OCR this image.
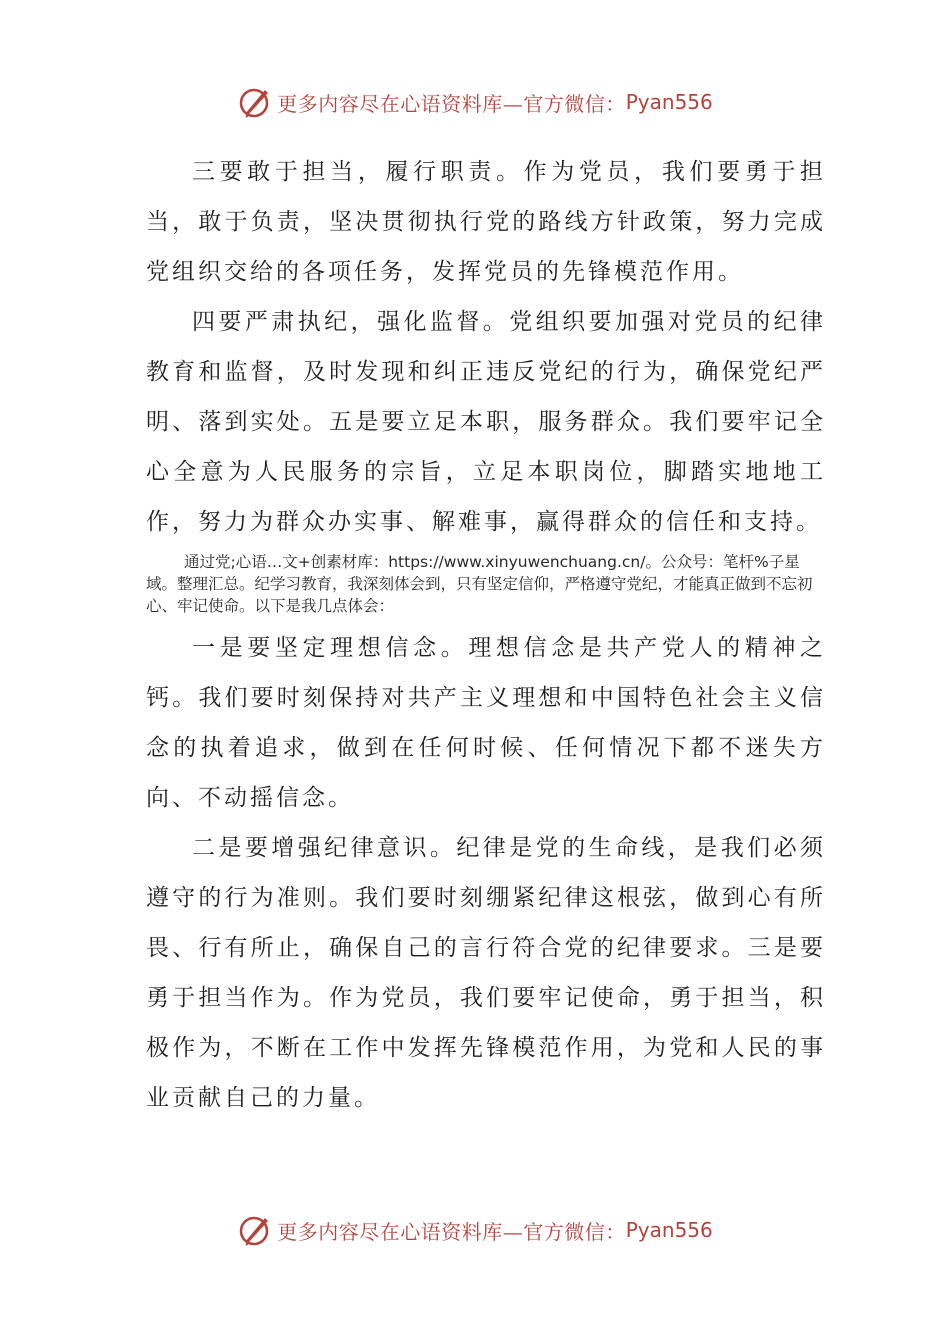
更多内容尽在心语资料库—官方微信： Pyan556

三要敢于担当，履行职责。作为党员，我们要勇于担当，敢于负责，坚决贯彻执行党的路线方针政策，努力完成党组织交给的各项任务，发挥党员的先锋模范作用。

四要严肃执纪，强化监督。党组织要加强对党员的纪律教育和监督，及时发现和纠正违反党纪的行为，确保党纪严明、落到实处。五是要立足本职，服务群众。我们要牢记全心全意为人民服务的宗旨，立足本职岗位，脚踏实地地工作，努力为群众办实事、解难事，赢得群众的信任和支持。

通过党;心语…文+创素材库：https://www.xinyuwenchuang.cn/。公众号：笔杆%子星域。整理汇总。纪学习教育，我深刻体会到，只有坚定信仰，严格遵守党纪，才能真正做到不忘初心、牢记使命。以下是我几点体会：

一是要坚定理想信念。理想信念是共产党人的精神之钙。我们要时刻保持对共产主义理想和中国特色社会主义信念的执着追求，做到在任何时候、任何情况下都不迷失方向、不动摇信念。

二是要增强纪律意识。纪律是党的生命线，是我们必须遵守的行为准则。我们要时刻绷紧纪律这根弦，做到心有所畏、行有所止，确保自己的言行符合党的纪律要求。三是要勇于担当作为。作为党员，我们要牢记使命，勇于担当，积极作为，不断在工作中发挥先锋模范作用，为党和人民的事业贡献自己的力量。

更多内容尽在心语资料库—官方微信： Pyan556
